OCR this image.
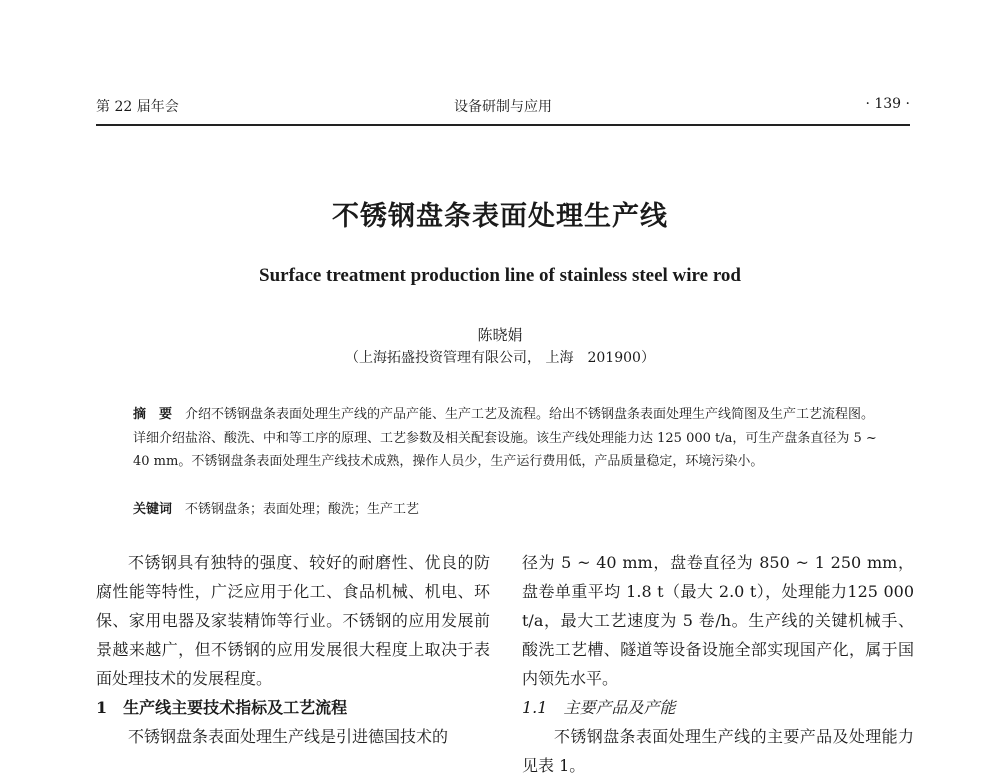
第 22 届年会	设备研制与应用	· 139 ·
不锈钢盘条表面处理生产线
Surface treatment production line of stainless steel wire rod
陈晓娟
（上海拓盛投资管理有限公司， 上海　201900）

摘　要　 介绍不锈钢盘条表面处理生产线的产品产能、生产工艺及流程。给出不锈钢盘条表面处理生产线简图及生产工艺流程图。详细介绍盐浴、酸洗、中和等工序的原理、工艺参数及相关配套设施。该生产线处理能力达 125 000 t/a，可生产盘条直径为 5 ~ 40 mm。不锈钢盘条表面处理生产线技术成熟，操作人员少，生产运行费用低，产品质量稳定，环境污染小。

关键词　 不锈钢盘条；表面处理；酸洗；生产工艺

不锈钢具有独特的强度、较好的耐磨性、优良的防腐性能等特性，广泛应用于化工、食品机械、机电、环保、家用电器及家装精饰等行业。不锈钢的应用发展前景越来越广，但不锈钢的应用发展很大程度上取决于表面处理技术的发展程度。

1　生产线主要技术指标及工艺流程

不锈钢盘条表面处理生产线是引进德国技术的

径为 5 ~ 40 mm，盘卷直径为 850 ~ 1 250 mm，盘卷单重平均 1.8 t（最大 2.0 t），处理能力125 000 t/a，最大工艺速度为 5 卷/h。生产线的关键机械手、酸洗工艺槽、隧道等设备设施全部实现国产化，属于国内领先水平。

1.1　主要产品及产能

不锈钢盘条表面处理生产线的主要产品及处理能力见表 1。
